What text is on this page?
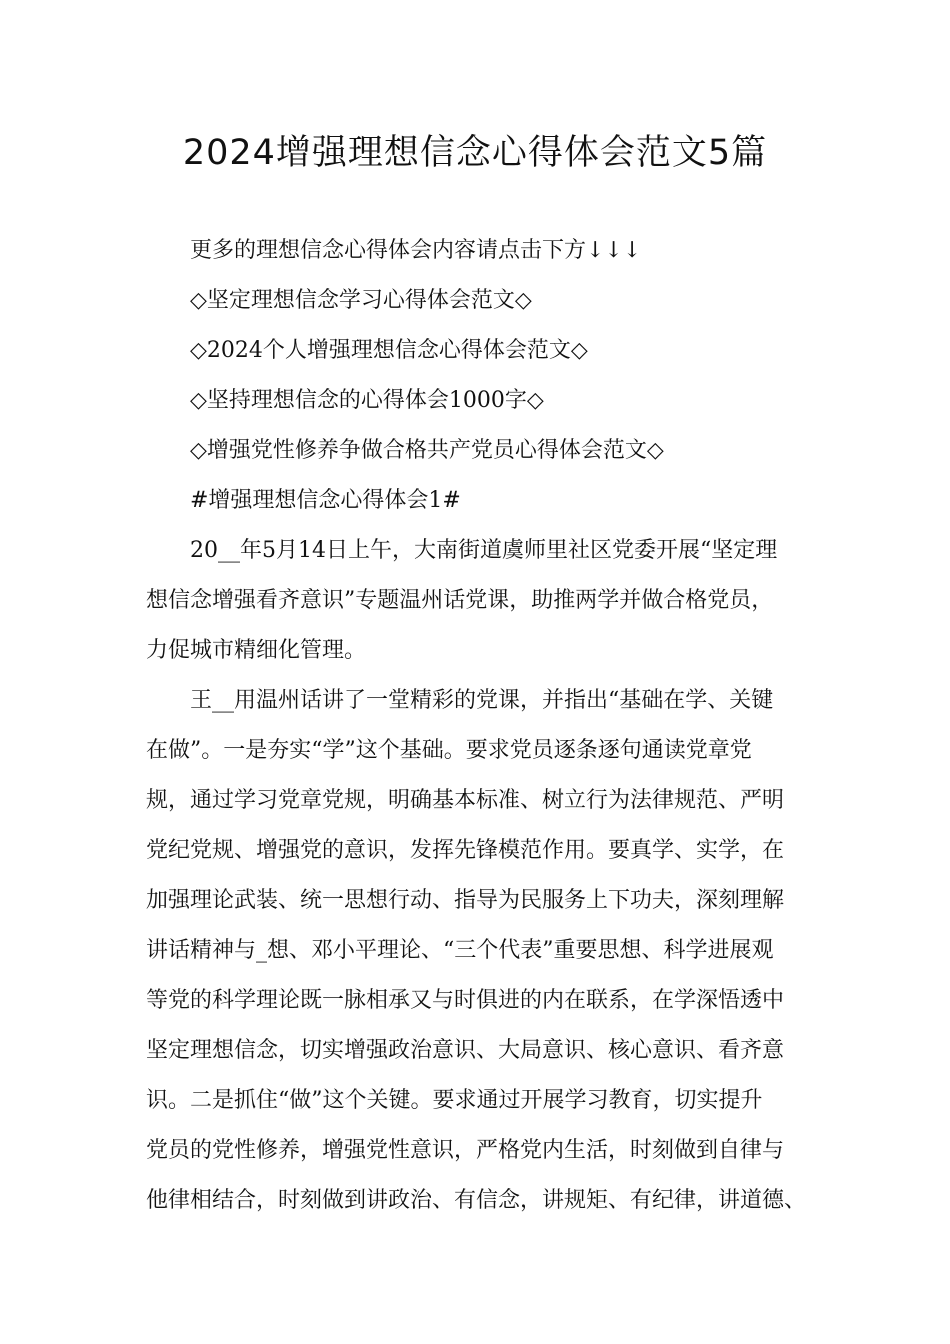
2024增强理想信念心得体会范文5篇
更多的理想信念心得体会内容请点击下方↓↓↓
◇坚定理想信念学习心得体会范文◇
◇2024个人增强理想信念心得体会范文◇
◇坚持理想信念的心得体会1000字◇
◇增强党性修养争做合格共产党员心得体会范文◇
#增强理想信念心得体会1#
20__年5月14日上午，大南街道虞师里社区党委开展“坚定理
想信念增强看齐意识”专题温州话党课，助推两学并做合格党员，
力促城市精细化管理。
王__用温州话讲了一堂精彩的党课，并指出“基础在学、关键
在做”。一是夯实“学”这个基础。要求党员逐条逐句通读党章党
规，通过学习党章党规，明确基本标准、树立行为法律规范、严明
党纪党规、增强党的意识，发挥先锋模范作用。要真学、实学，在
加强理论武装、统一思想行动、指导为民服务上下功夫，深刻理解
讲话精神与_想、邓小平理论、“三个代表”重要思想、科学进展观
等党的科学理论既一脉相承又与时俱进的内在联系，在学深悟透中
坚定理想信念，切实增强政治意识、大局意识、核心意识、看齐意
识。二是抓住“做”这个关键。要求通过开展学习教育，切实提升
党员的党性修养，增强党性意识，严格党内生活，时刻做到自律与
他律相结合，时刻做到讲政治、有信念，讲规矩、有纪律，讲道德、
